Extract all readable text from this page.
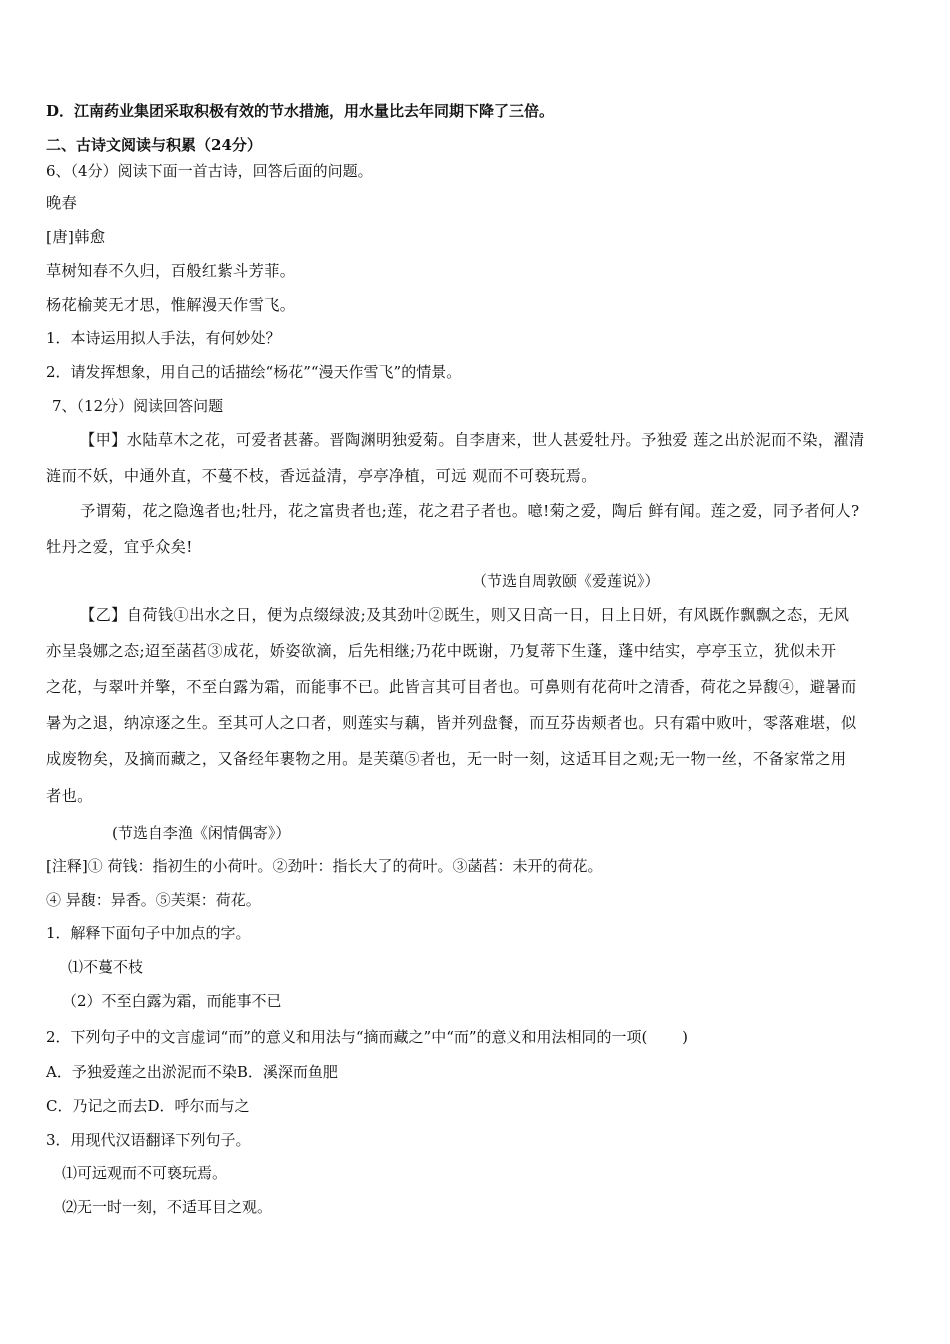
D．江南药业集团采取积极有效的节水措施，用水量比去年同期下降了三倍。
二、古诗文阅读与积累（24分）
6、（4分）阅读下面一首古诗，回答后面的问题。
晚春
[唐]韩愈
草树知春不久归，百般红紫斗芳菲。
杨花榆荚无才思，惟解漫天作雪飞。
1．本诗运用拟人手法，有何妙处？
2．请发挥想象，用自己的话描绘“杨花”“漫天作雪飞”的情景。
7、（12分）阅读回答问题
【甲】水陆草木之花，可爱者甚蕃。晋陶渊明独爱菊。自李唐来，世人甚爱牡丹。予独爱 莲之出於泥而不染，濯清
涟而不妖，中通外直，不蔓不枝，香远益清，亭亭净植，可远 观而不可亵玩焉。
予谓菊，花之隐逸者也;牡丹，花之富贵者也;莲，花之君子者也。噫!菊之爱，陶后 鲜有闻。莲之爱，同予者何人?
牡丹之爱，宜乎众矣!
（节选自周敦颐《爱莲说》）
【乙】自荷钱①出水之日，便为点缀绿波;及其劲叶②既生，则又日高一日，日上日妍，有风既作飘飘之态，无风
亦呈袅娜之态;迢至菡萏③成花，娇姿欲滴，后先相继;乃花中既谢，乃复蒂下生蓬，蓬中结实，亭亭玉立，犹似未开
之花，与翠叶并擎，不至白露为霜，而能事不已。此皆言其可目者也。可鼻则有花荷叶之清香，荷花之异馥④，避暑而
暑为之退，纳凉逐之生。至其可人之口者，则莲实与藕，皆并列盘餐，而互芬齿颊者也。只有霜中败叶，零落难堪，似
成废物矣，及摘而藏之，又备经年裹物之用。是芙蕖⑤者也，无一时一刻，这适耳目之观;无一物一丝，不备家常之用
者也。
(节选自李渔《闲情偶寄》）
[注释]① 荷钱：指初生的小荷叶。②劲叶：指长大了的荷叶。③菡萏：未开的荷花。
④ 异馥：异香。⑤芙渠：荷花。
1．解释下面句子中加点的字。
⑴不蔓不枝
（2）不至白露为霜，而能事不已
2．下列句子中的文言虚词“而”的意义和用法与“摘而藏之”中“而”的意义和用法相同的一项(　　 )
A．予独爱莲之出淤泥而不染B．溪深而鱼肥
C．乃记之而去D．呼尔而与之
3．用现代汉语翻译下列句子。
⑴可远观而不可亵玩焉。
⑵无一时一刻，不适耳目之观。
